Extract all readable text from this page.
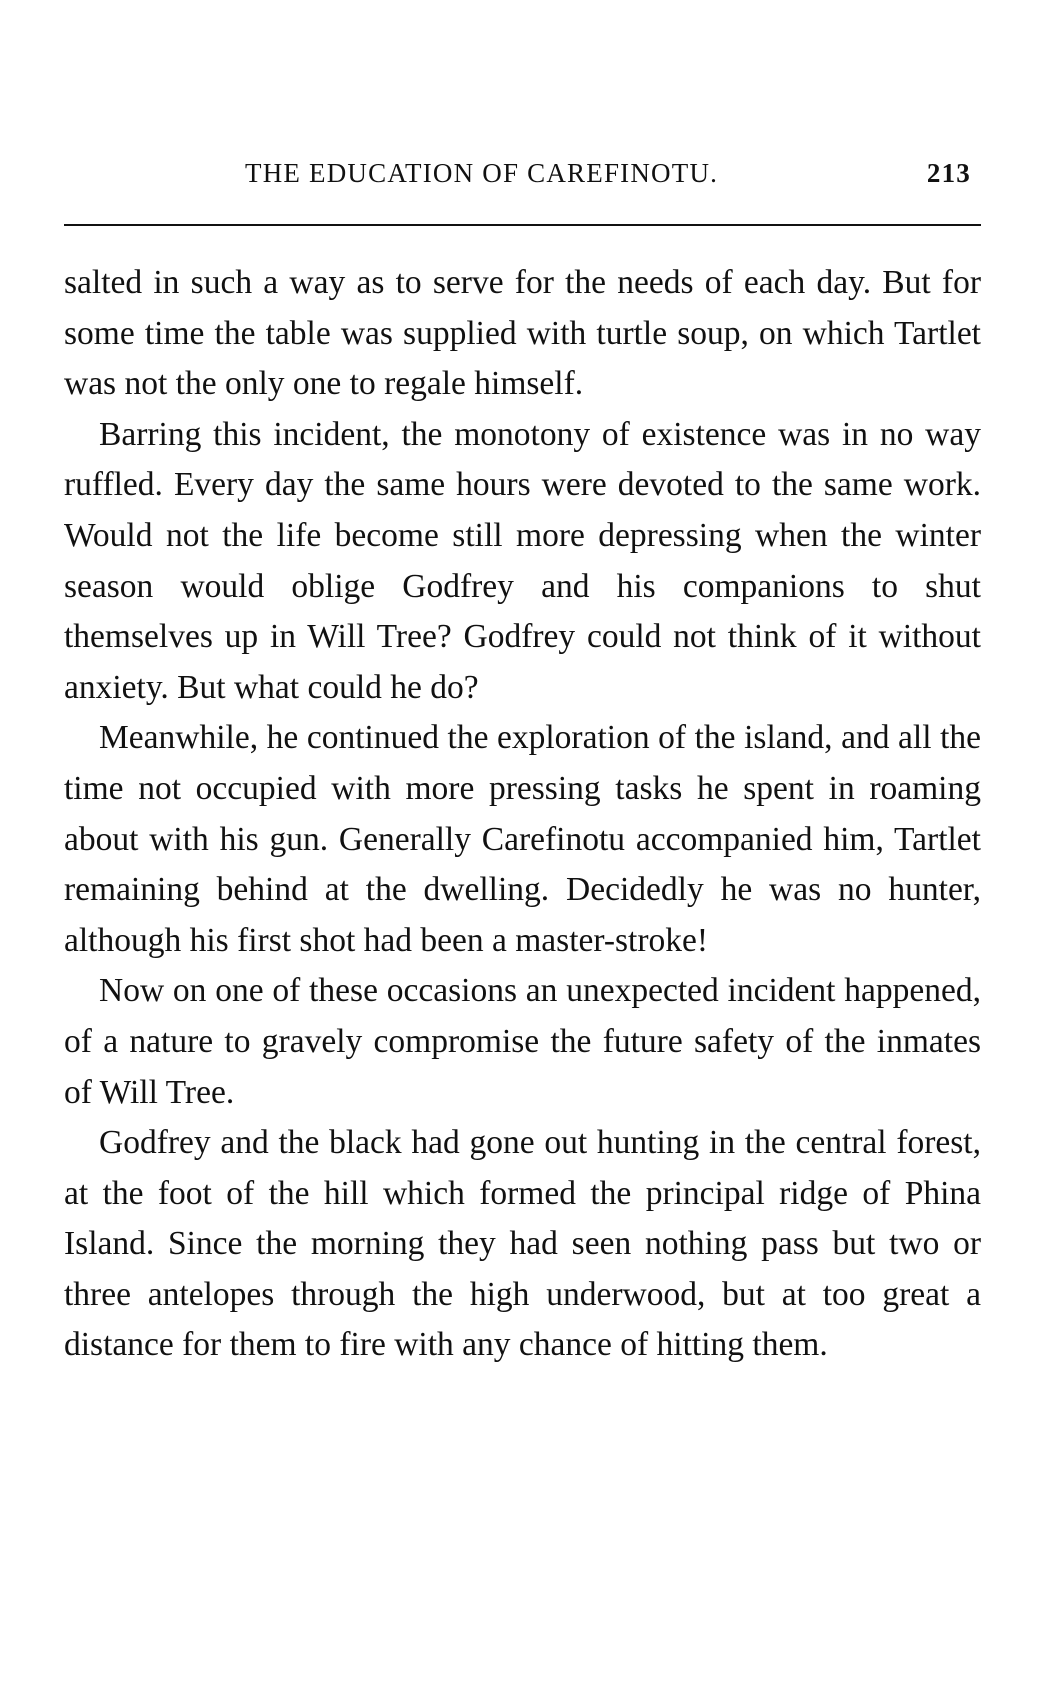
THE EDUCATION OF CAREFINOTU.	213

salted in such a way as to serve for the needs of each day. But for some time the table was supplied with turtle soup, on which Tartlet was not the only one to regale himself.

Barring this incident, the monotony of existence was in no way ruffled. Every day the same hours were devoted to the same work. Would not the life become still more depressing when the winter season would oblige Godfrey and his companions to shut themselves up in Will Tree? Godfrey could not think of it without anxiety. But what could he do?

Meanwhile, he continued the exploration of the island, and all the time not occupied with more pressing tasks he spent in roaming about with his gun. Generally Carefinotu accompanied him, Tartlet remaining behind at the dwelling. Decidedly he was no hunter, although his first shot had been a master-stroke!

Now on one of these occasions an unexpected incident happened, of a nature to gravely compromise the future safety of the inmates of Will Tree.

Godfrey and the black had gone out hunting in the central forest, at the foot of the hill which formed the principal ridge of Phina Island. Since the morning they had seen nothing pass but two or three antelopes through the high underwood, but at too great a distance for them to fire with any chance of hitting them.
